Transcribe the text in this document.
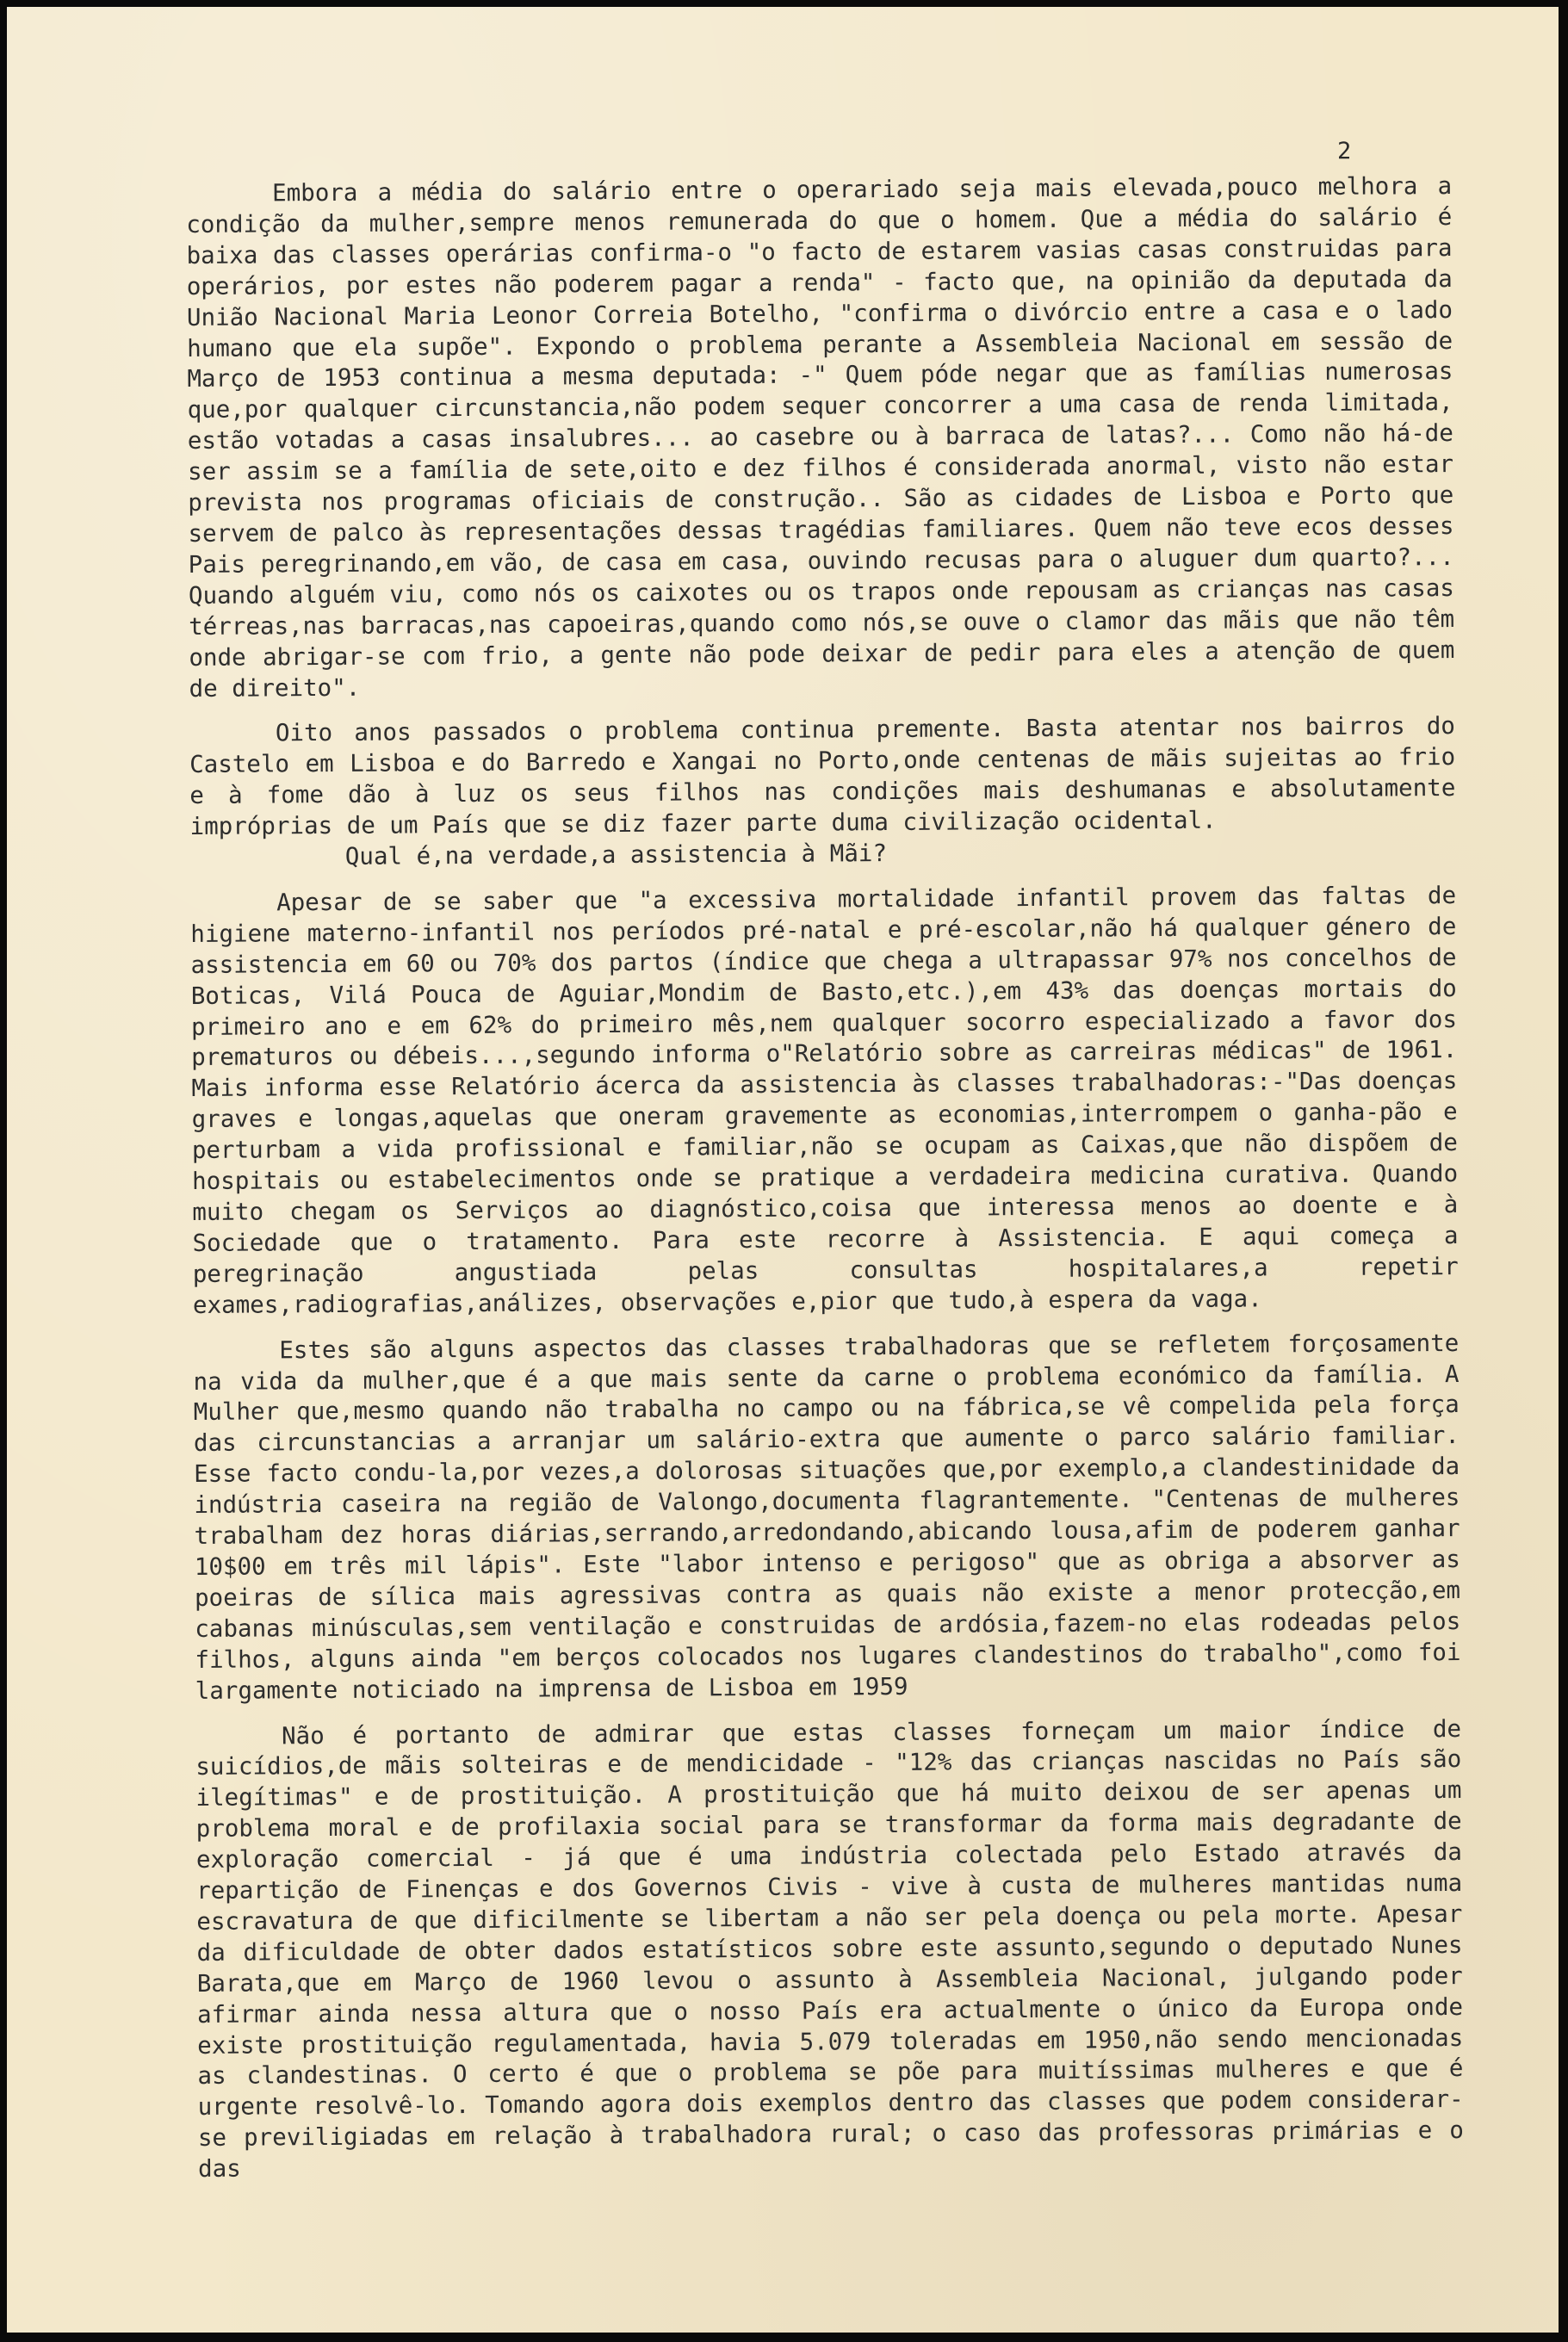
2

Embora a média do salário entre o operariado seja mais elevada,pouco melhora a condição da mulher,sempre menos remunerada do que o homem. Que a média do salário é baixa das classes operárias confirma-o "o facto de estarem vasias casas construidas para operários, por estes não poderem pagar a renda" - facto que, na opinião da deputada da União Nacional Maria Leonor Correia Botelho, "confirma o divórcio entre a casa e o lado humano que ela supõe". Expondo o problema perante a Assembleia Nacional em sessão de Março de 1953 continua a mesma deputada: -" Quem póde negar que as famílias numerosas que,por qualquer circunstancia,não podem sequer concorrer a uma casa de renda limitada, estão votadas a casas insalubres... ao casebre ou à barraca de latas?... Como não há-de ser assim se a família de sete,oito e dez filhos é considerada anormal, visto não estar prevista nos programas oficiais de construção.. São as cidades de Lisboa e Porto que servem de palco às representações dessas tragédias familiares. Quem não teve ecos desses Pais peregrinando,em vão, de casa em casa, ouvindo recusas para o aluguer dum quarto?... Quando alguém viu, como nós os caixotes ou os trapos onde repousam as crianças nas casas térreas,nas barracas,nas capoeiras,quando como nós,se ouve o clamor das mãis que não têm onde abrigar-se com frio, a gente não pode deixar de pedir para eles a atenção de quem de direito".

Oito anos passados o problema continua premente. Basta atentar nos bairros do Castelo em Lisboa e do Barredo e Xangai no Porto,onde centenas de mãis sujeitas ao frio e à fome dão à luz os seus filhos nas condições mais deshumanas e absolutamente impróprias de um País que se diz fazer parte duma civilização ocidental.

Qual é,na verdade,a assistencia à Mãi?

Apesar de se saber que "a excessiva mortalidade infantil provem das faltas de higiene materno-infantil nos períodos pré-natal e pré-escolar,não há qualquer género de assistencia em 60 ou 70% dos partos (índice que chega a ultrapassar 97% nos concelhos de Boticas, Vilá Pouca de Aguiar,Mondim de Basto,etc.),em 43% das doenças mortais do primeiro ano e em 62% do primeiro mês,nem qualquer socorro especializado a favor dos prematuros ou débeis...,segundo informa o"Relatório sobre as carreiras médicas" de 1961. Mais informa esse Relatório ácerca da assistencia às classes trabalhadoras:-"Das doenças graves e longas,aquelas que oneram gravemente as economias,interrompem o ganha-pão e perturbam a vida profissional e familiar,não se ocupam as Caixas,que não dispõem de hospitais ou estabelecimentos onde se pratique a verdadeira medicina curativa. Quando muito chegam os Serviços ao diagnóstico,coisa que interessa menos ao doente e à Sociedade que o tratamento. Para este recorre à Assistencia. E aqui começa a peregrinação angustiada pelas consultas hospitalares,a repetir exames,radiografias,análizes, observações e,pior que tudo,à espera da vaga.

Estes são alguns aspectos das classes trabalhadoras que se refletem forçosamente na vida da mulher,que é a que mais sente da carne o problema económico da família. A Mulher que,mesmo quando não trabalha no campo ou na fábrica,se vê compelida pela força das circunstancias a arranjar um salário-extra que aumente o parco salário familiar. Esse facto condu-la,por vezes,a dolorosas situações que,por exemplo,a clandestinidade da indústria caseira na região de Valongo,documenta flagrantemente. "Centenas de mulheres trabalham dez horas diárias,serrando,arredondando,abicando lousa,afim de poderem ganhar 10$00 em três mil lápis". Este "labor intenso e perigoso" que as obriga a absorver as poeiras de sílica mais agressivas contra as quais não existe a menor protecção,em cabanas minúsculas,sem ventilação e construidas de ardósia,fazem-no elas rodeadas pelos filhos, alguns ainda "em berços colocados nos lugares clandestinos do trabalho",como foi largamente noticiado na imprensa de Lisboa em 1959

Não é portanto de admirar que estas classes forneçam um maior índice de suicídios,de mãis solteiras e de mendicidade - "12% das crianças nascidas no País são ilegítimas" e de prostituição. A prostituição que há muito deixou de ser apenas um problema moral e de profilaxia social para se transformar da forma mais degradante de exploração comercial - já que é uma indústria colectada pelo Estado através da repartição de Finenças e dos Governos Civis - vive à custa de mulheres mantidas numa escravatura de que dificilmente se libertam a não ser pela doença ou pela morte. Apesar da dificuldade de obter dados estatísticos sobre este assunto,segundo o deputado Nunes Barata,que em Março de 1960 levou o assunto à Assembleia Nacional, julgando poder afirmar ainda nessa altura que o nosso País era actualmente o único da Europa onde existe prostituição regulamentada, havia 5.079 toleradas em 1950,não sendo mencionadas as clandestinas. O certo é que o problema se põe para muitíssimas mulheres e que é urgente resolvê-lo. Tomando agora dois exemplos dentro das classes que podem considerar-se previligiadas em relação à trabalhadora rural; o caso das professoras primárias e o das
